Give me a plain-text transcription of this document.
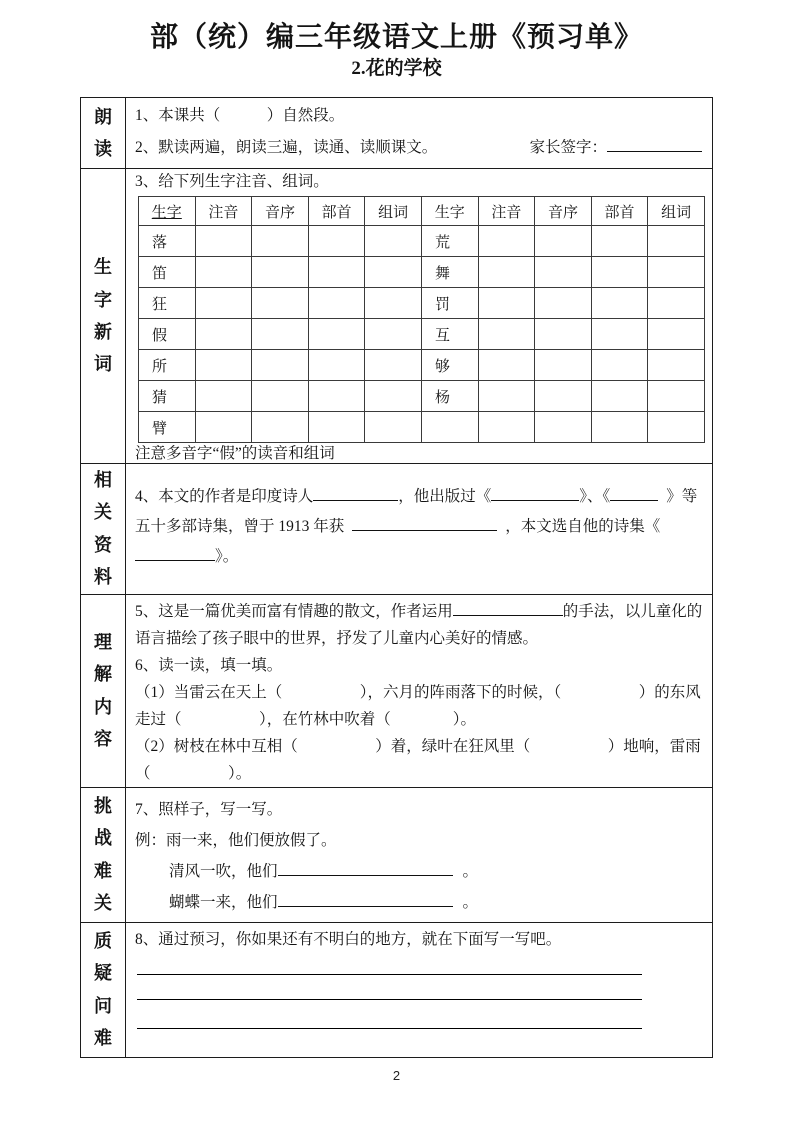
部（统）编三年级语文上册《预习单》
2.花的学校
朗读	
1、本课共（　　　）自然段。
2、默读两遍，朗读三遍，读通、读顺课文。	家长签字：

生字新词	
3、给下列生字注音、组词。
生字	注音	音序	部首	组词	生字	注音	音序	部首	组词
落					荒				
笛					舞				
狂					罚				
假					互				
所					够				
猜					杨				
臂									
注意多音字“假”的读音和组词

相关资料	
4、本文的作者是印度诗人	，他出版过《	》、《	》等五十多部诗集，曾于 1913 年获	，本文选自他的诗集《》。

理解内容	
5、这是一篇优美而富有情趣的散文，作者运用	的手法，以儿童化的语言描绘了孩子眼中的世界，抒发了儿童内心美好的情感。
6、读一读，填一填。
（1）当雷云在天上（　　　　　），六月的阵雨落下的时候，（　　　　　）的东风走过（　　　　　），在竹林中吹着（　　　　）。
（2）树枝在林中互相（　　　　　）着，绿叶在狂风里（　　　　　）地响，雷雨（　　　　　）。

挑战难关	
7、照样子，写一写。
例：雨一来，他们便放假了。
清风一吹，他们	。
蝴蝶一来，他们	。

质疑问难	
8、通过预习，你如果还有不明白的地方，就在下面写一写吧。
2
